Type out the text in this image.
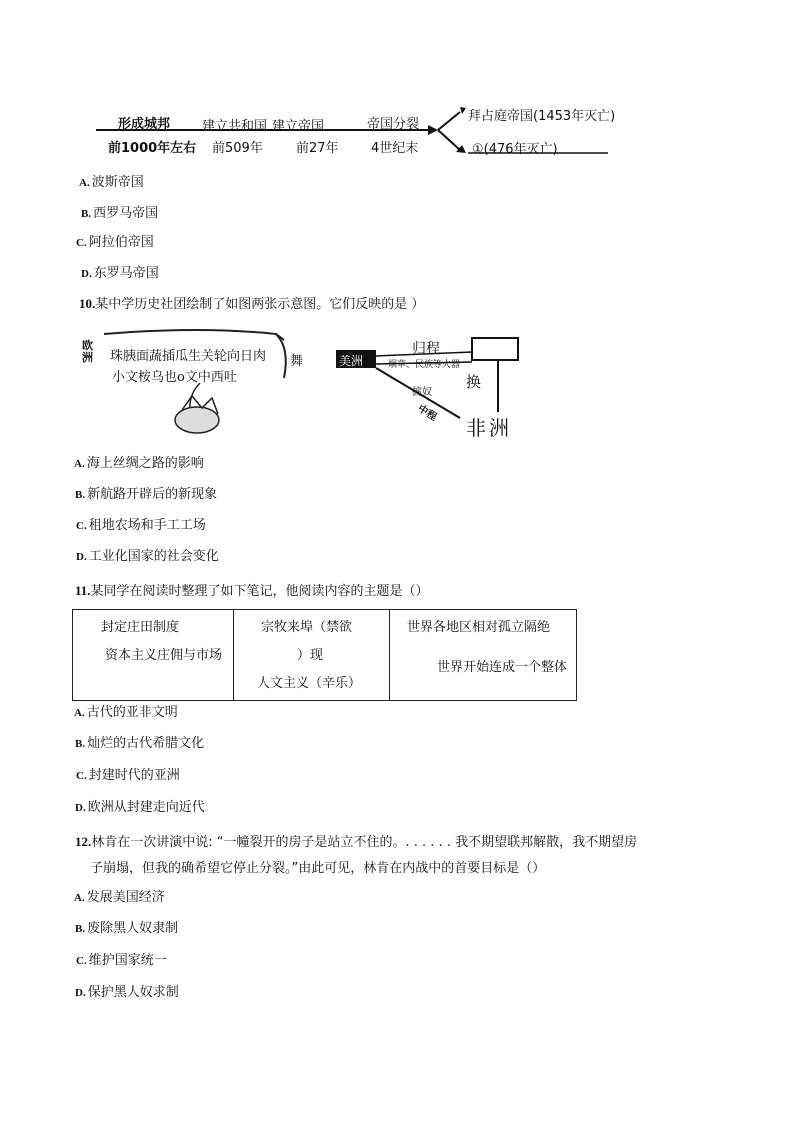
形成城邦
前1000年左右
建立共和国
前509年
建立帝国
前27年
帝国分裂
4世纪末
拜占庭帝国(1453年灭亡)
①(476年灭亡)
A. 波斯帝国
B. 西罗马帝国
C. 阿拉伯帝国
D. 东罗马帝国
10.某中学历史社团绘制了如图两张示意图。它们反映的是 ）
欧洲	珠胰面蔬插瓜生关轮向日肉
小文桉乌也o文中西吐
舞	美洲
归程
烟草、民族等火器
换
掳奴
中程
非洲
A. 海上丝绸之路的影响
B. 新航路开辟后的新现象
C. 租地农场和手工工场
D. 工业化国家的社会变化
11.某同学在阅读时整理了如下笔记，他阅读内容的主题是（）
封定庄田制度
资本主义庄佣与市场
宗牧来埠（禁欲
）现
人文主义（辛乐）
世界各地区相对孤立隔绝
世界开始连成一个整体
A. 古代的亚非文明
B. 灿烂的古代希腊文化
C. 封建时代的亚洲
D. 欧洲从封建走向近代
12.林肯在一次讲演中说: “一幢裂开的房子是站立不住的。. . . . . . 我不期望联邦解散，我不期望房
子崩塌，但我的确希望它停止分裂。”由此可见，林肯在内战中的首要目标是（）
A. 发展美国经济
B. 废除黑人奴隶制
C. 维护国家统一
D. 保护黑人奴求制
